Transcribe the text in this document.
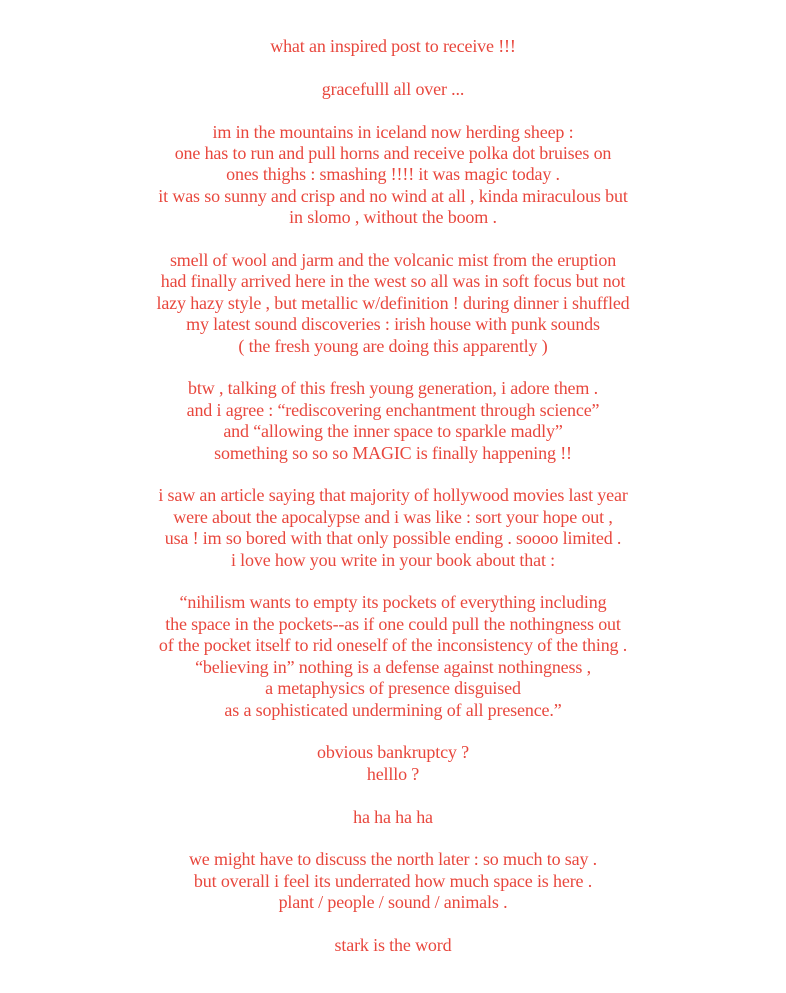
what an inspired post to receive !!!
gracefulll all over ...
im in the mountains in iceland now herding sheep :
one has to run and pull horns and receive polka dot bruises on
ones thighs : smashing !!!! it was magic today .
it was so sunny and crisp and no wind at all , kinda miraculous but
in slomo , without the boom .
smell of wool and jarm and the volcanic mist from the eruption
had finally arrived here in the west so all was in soft focus but not
lazy hazy style , but metallic w/definition ! during dinner i shuffled
my latest sound discoveries : irish house with punk sounds
( the fresh young are doing this apparently )
btw , talking of this fresh young generation, i adore them .
and i agree : “rediscovering enchantment through science”
and “allowing the inner space to sparkle madly”
something so so so MAGIC is finally happening !!
i saw an article saying that majority of hollywood movies last year
were about the apocalypse and i was like : sort your hope out ,
usa ! im so bored with that only possible ending . soooo limited .
i love how you write in your book about that :
“nihilism wants to empty its pockets of everything including
the space in the pockets--as if one could pull the nothingness out
of the pocket itself to rid oneself of the inconsistency of the thing .
“believing in” nothing is a defense against nothingness ,
a metaphysics of presence disguised
as a sophisticated undermining of all presence.”
obvious bankruptcy ?
helllo ?
ha ha ha ha
we might have to discuss the north later : so much to say .
but overall i feel its underrated how much space is here .
plant / people / sound / animals .
stark is the word
